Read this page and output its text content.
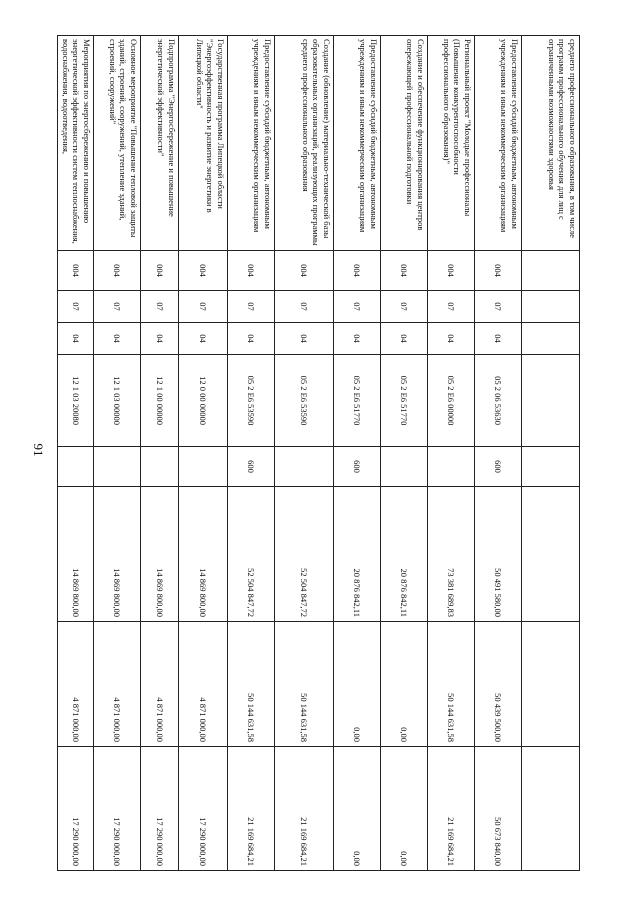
91
среднего профессионального образования, в том числе программ профессионального обучения для лиц с ограниченными возможностями здоровья								
Предоставление субсидий бюджетным, автономным учреждениям и иным некоммерческим организациям	004	07	04	05 2 06 53630	600	50 491 580,00	50 439 500,00	50 673 840,00
Региональный проект "Молодые профессионалы (Повышение конкурентоспособности профессионального образования)"	004	07	04	05 2 E6 00000		73 381 689,83	50 144 631,58	21 169 684,21
Создание и обеспечение функционирования центров опережающей профессиональной подготовки	004	07	04	05 2 E6 51770		20 876 842,11	0,00	0,00
Предоставление субсидий бюджетным, автономным учреждениям и иным некоммерческим организациям	004	07	04	05 2 E6 51770	600	20 876 842,11	0,00	0,00
Создание (обновление) материально-технической базы образовательных организаций, реализующих программы среднего профессионального образования	004	07	04	05 2 E6 53590		52 504 847,72	50 144 631,58	21 169 684,21
Предоставление субсидий бюджетным, автономным учреждениям и иным некоммерческим организациям	004	07	04	05 2 E6 53590	600	52 504 847,72	50 144 631,58	21 169 684,21
Государственная программа Липецкой области "Энергоэффективность и развитие энергетики в Липецкой области"	004	07	04	12 0 00 00000		14 869 800,00	4 871 000,00	17 290 000,00
Подпрограмма "Энергосбережение и повышение энергетической эффективности"	004	07	04	12 1 00 00000		14 869 800,00	4 871 000,00	17 290 000,00
Основное мероприятие "Повышение тепловой защиты зданий, строений, сооружений, утепление зданий, строений, сооружений"	004	07	04	12 1 03 00000		14 869 800,00	4 871 000,00	17 290 000,00
Мероприятия по энергосбережению и повышению энергетической эффективности систем теплоснабжения, водоснабжения, водоотведения,	004	07	04	12 1 03 20080		14 869 800,00	4 871 000,00	17 290 000,00
